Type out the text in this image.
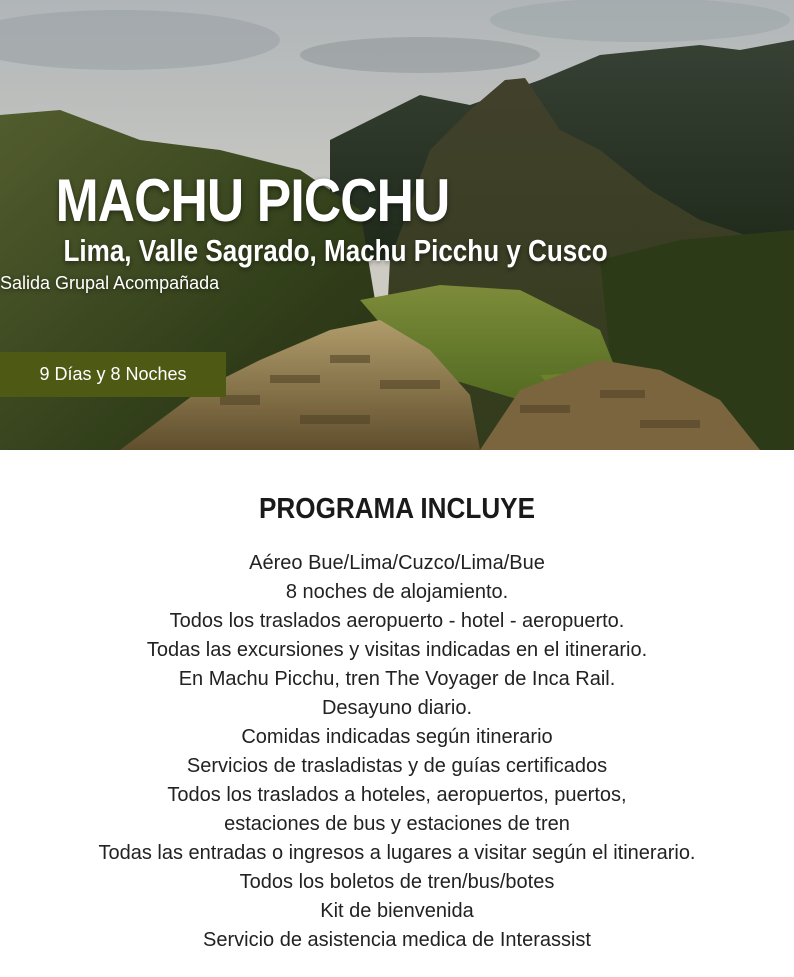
MACHU PICCHU
Lima, Valle Sagrado, Machu Picchu y Cusco

Salida Grupal Acompañada

9 Días y 8 Noches
PROGRAMA INCLUYE
Aéreo Bue/Lima/Cuzco/Lima/Bue
8 noches de alojamiento.
Todos los traslados aeropuerto - hotel - aeropuerto.
Todas las excursiones y visitas indicadas en el itinerario.
En Machu Picchu, tren The Voyager de Inca Rail.
Desayuno diario.
Comidas indicadas según itinerario
Servicios de trasladistas y de guías certificados
Todos los traslados a hoteles, aeropuertos, puertos,
estaciones de bus y estaciones de tren
Todas las entradas o ingresos a lugares a visitar según el itinerario.
Todos los boletos de tren/bus/botes
Kit de bienvenida
Servicio de asistencia medica de Interassist
